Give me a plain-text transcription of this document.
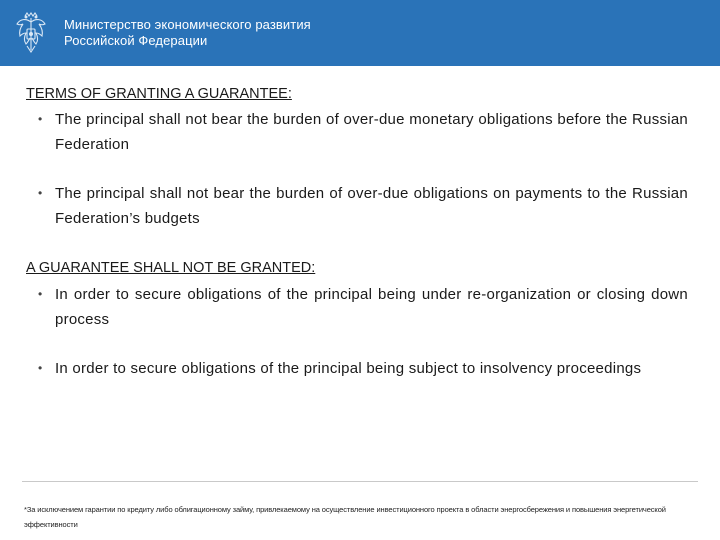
Министерство экономического развития
Российской Федерации
TERMS OF GRANTING A GUARANTEE:
• The principal shall not bear the burden of over-due monetary obligations before the Russian Federation
• The principal shall not bear the burden of over-due obligations on payments to the Russian Federation’s budgets
A GUARANTEE SHALL NOT BE GRANTED:
• In order to secure obligations of the principal being under re-organization or closing down process
• In order to secure obligations of the principal being subject to insolvency proceedings
*За исключением гарантии по кредиту либо облигационному займу, привлекаемому на осуществление инвестиционного проекта в области энергосбережения и повышения энергетической эффективности
